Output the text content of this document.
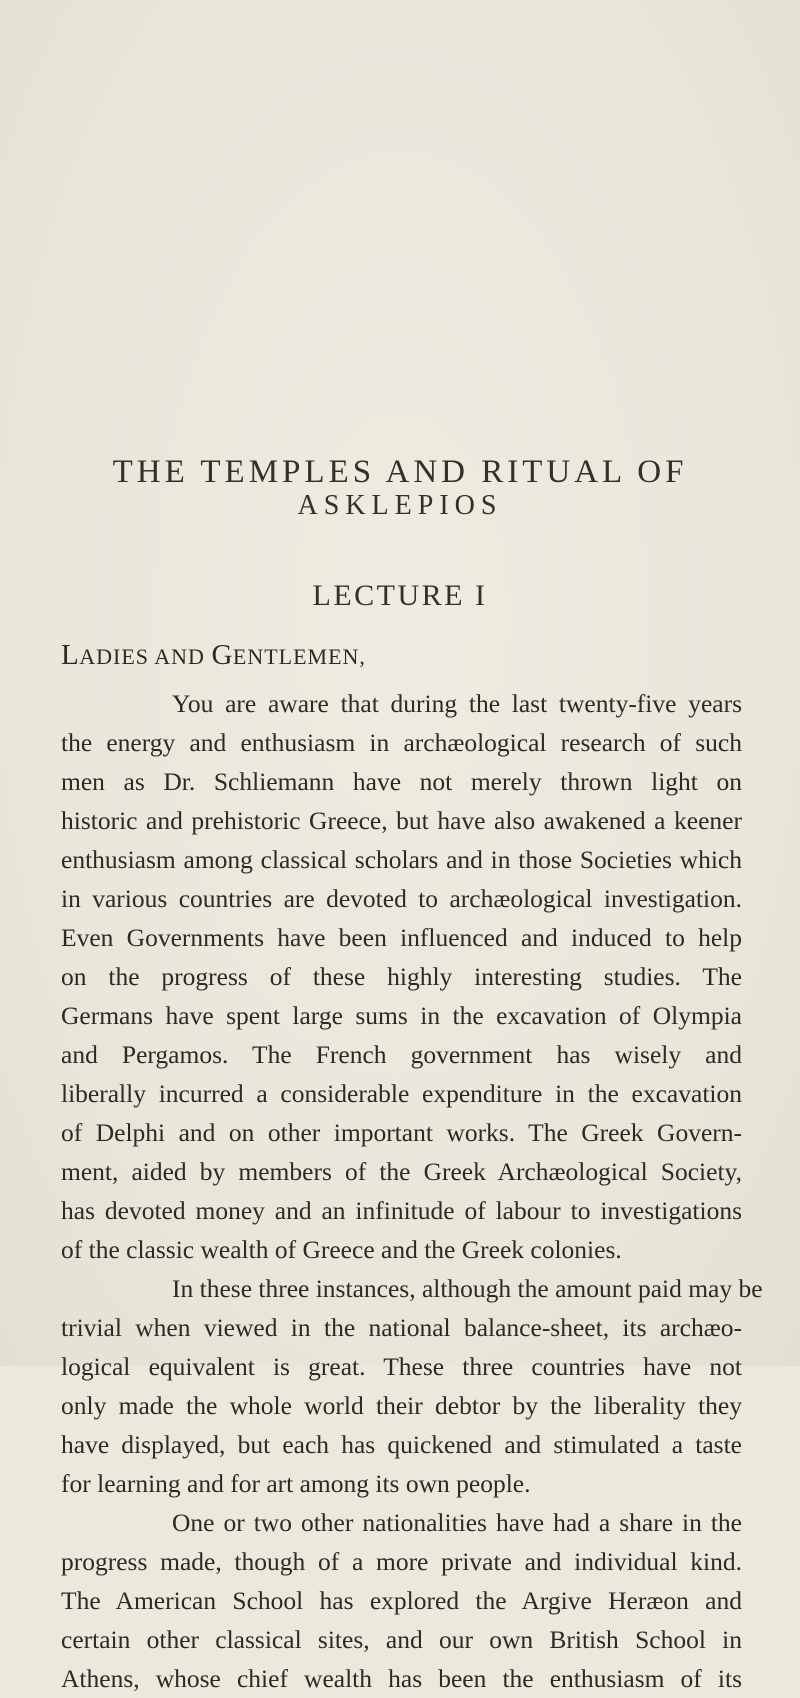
THE TEMPLES AND RITUAL OF
ASKLEPIOS
LECTURE I
LADIES AND GENTLEMEN,
You are aware that during the last twenty-five years
the energy and enthusiasm in archæological research of such
men as Dr. Schliemann have not merely thrown light on
historic and prehistoric Greece, but have also awakened a keener
enthusiasm among classical scholars and in those Societies which
in various countries are devoted to archæological investigation.
Even Governments have been influenced and induced to help
on the progress of these highly interesting studies. The
Germans have spent large sums in the excavation of Olympia
and Pergamos. The French government has wisely and
liberally incurred a considerable expenditure in the excavation
of Delphi and on other important works. The Greek Govern-
ment, aided by members of the Greek Archæological Society,
has devoted money and an infinitude of labour to investigations
of the classic wealth of Greece and the Greek colonies.
In these three instances, although the amount paid may be
trivial when viewed in the national balance-sheet, its archæo-
logical equivalent is great. These three countries have not
only made the whole world their debtor by the liberality they
have displayed, but each has quickened and stimulated a taste
for learning and for art among its own people.
One or two other nationalities have had a share in the
progress made, though of a more private and individual kind.
The American School has explored the Argive Heræon and
certain other classical sites, and our own British School in
Athens, whose chief wealth has been the enthusiasm of its
